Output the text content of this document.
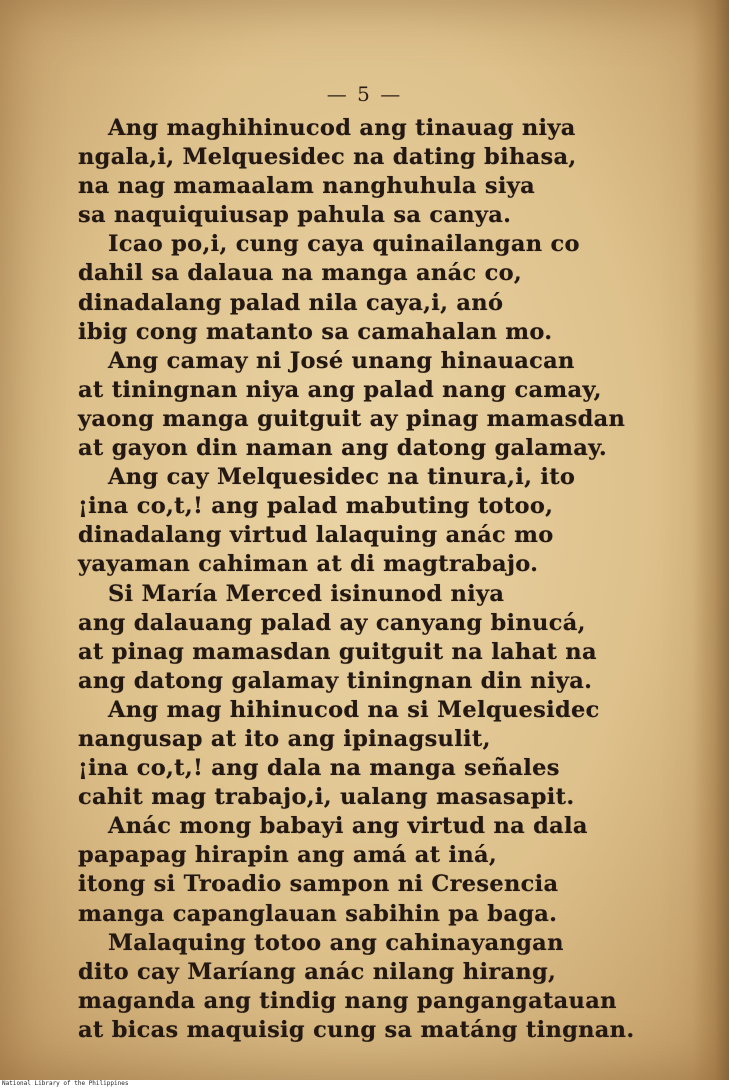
— 5 —
Ang maghihinucod ang tinauag niya
ngala,i, Melquesidec na dating bihasa,
na nag mamaalam nanghuhula siya
sa naquiquiusap pahula sa canya.
Icao po,i, cung caya quinailangan co
dahil sa dalaua na manga anác co,
dinadalang palad nila caya,i, anó
ibig cong matanto sa camahalan mo.
Ang camay ni José unang hinauacan
at tiningnan niya ang palad nang camay,
yaong manga guitguit ay pinag mamasdan
at gayon din naman ang datong galamay.
Ang cay Melquesidec na tinura,i, ito
¡ina co,t,! ang palad mabuting totoo,
dinadalang virtud lalaquing anác mo
yayaman cahiman at di magtrabajo.
Si María Merced isinunod niya
ang dalauang palad ay canyang binucá,
at pinag mamasdan guitguit na lahat na
ang datong galamay tiningnan din niya.
Ang mag hihinucod na si Melquesidec
nangusap at ito ang ipinagsulit,
¡ina co,t,! ang dala na manga señales
cahit mag trabajo,i, ualang masasapit.
Anác mong babayi ang virtud na dala
papapag hirapin ang amá at iná,
itong si Troadio sampon ni Cresencia
manga capanglauan sabihin pa baga.
Malaquing totoo ang cahinayangan
dito cay Maríang anác nilang hirang,
maganda ang tindig nang pangangatauan
at bicas maquisig cung sa matáng tingnan.
National Library of the Philippines
